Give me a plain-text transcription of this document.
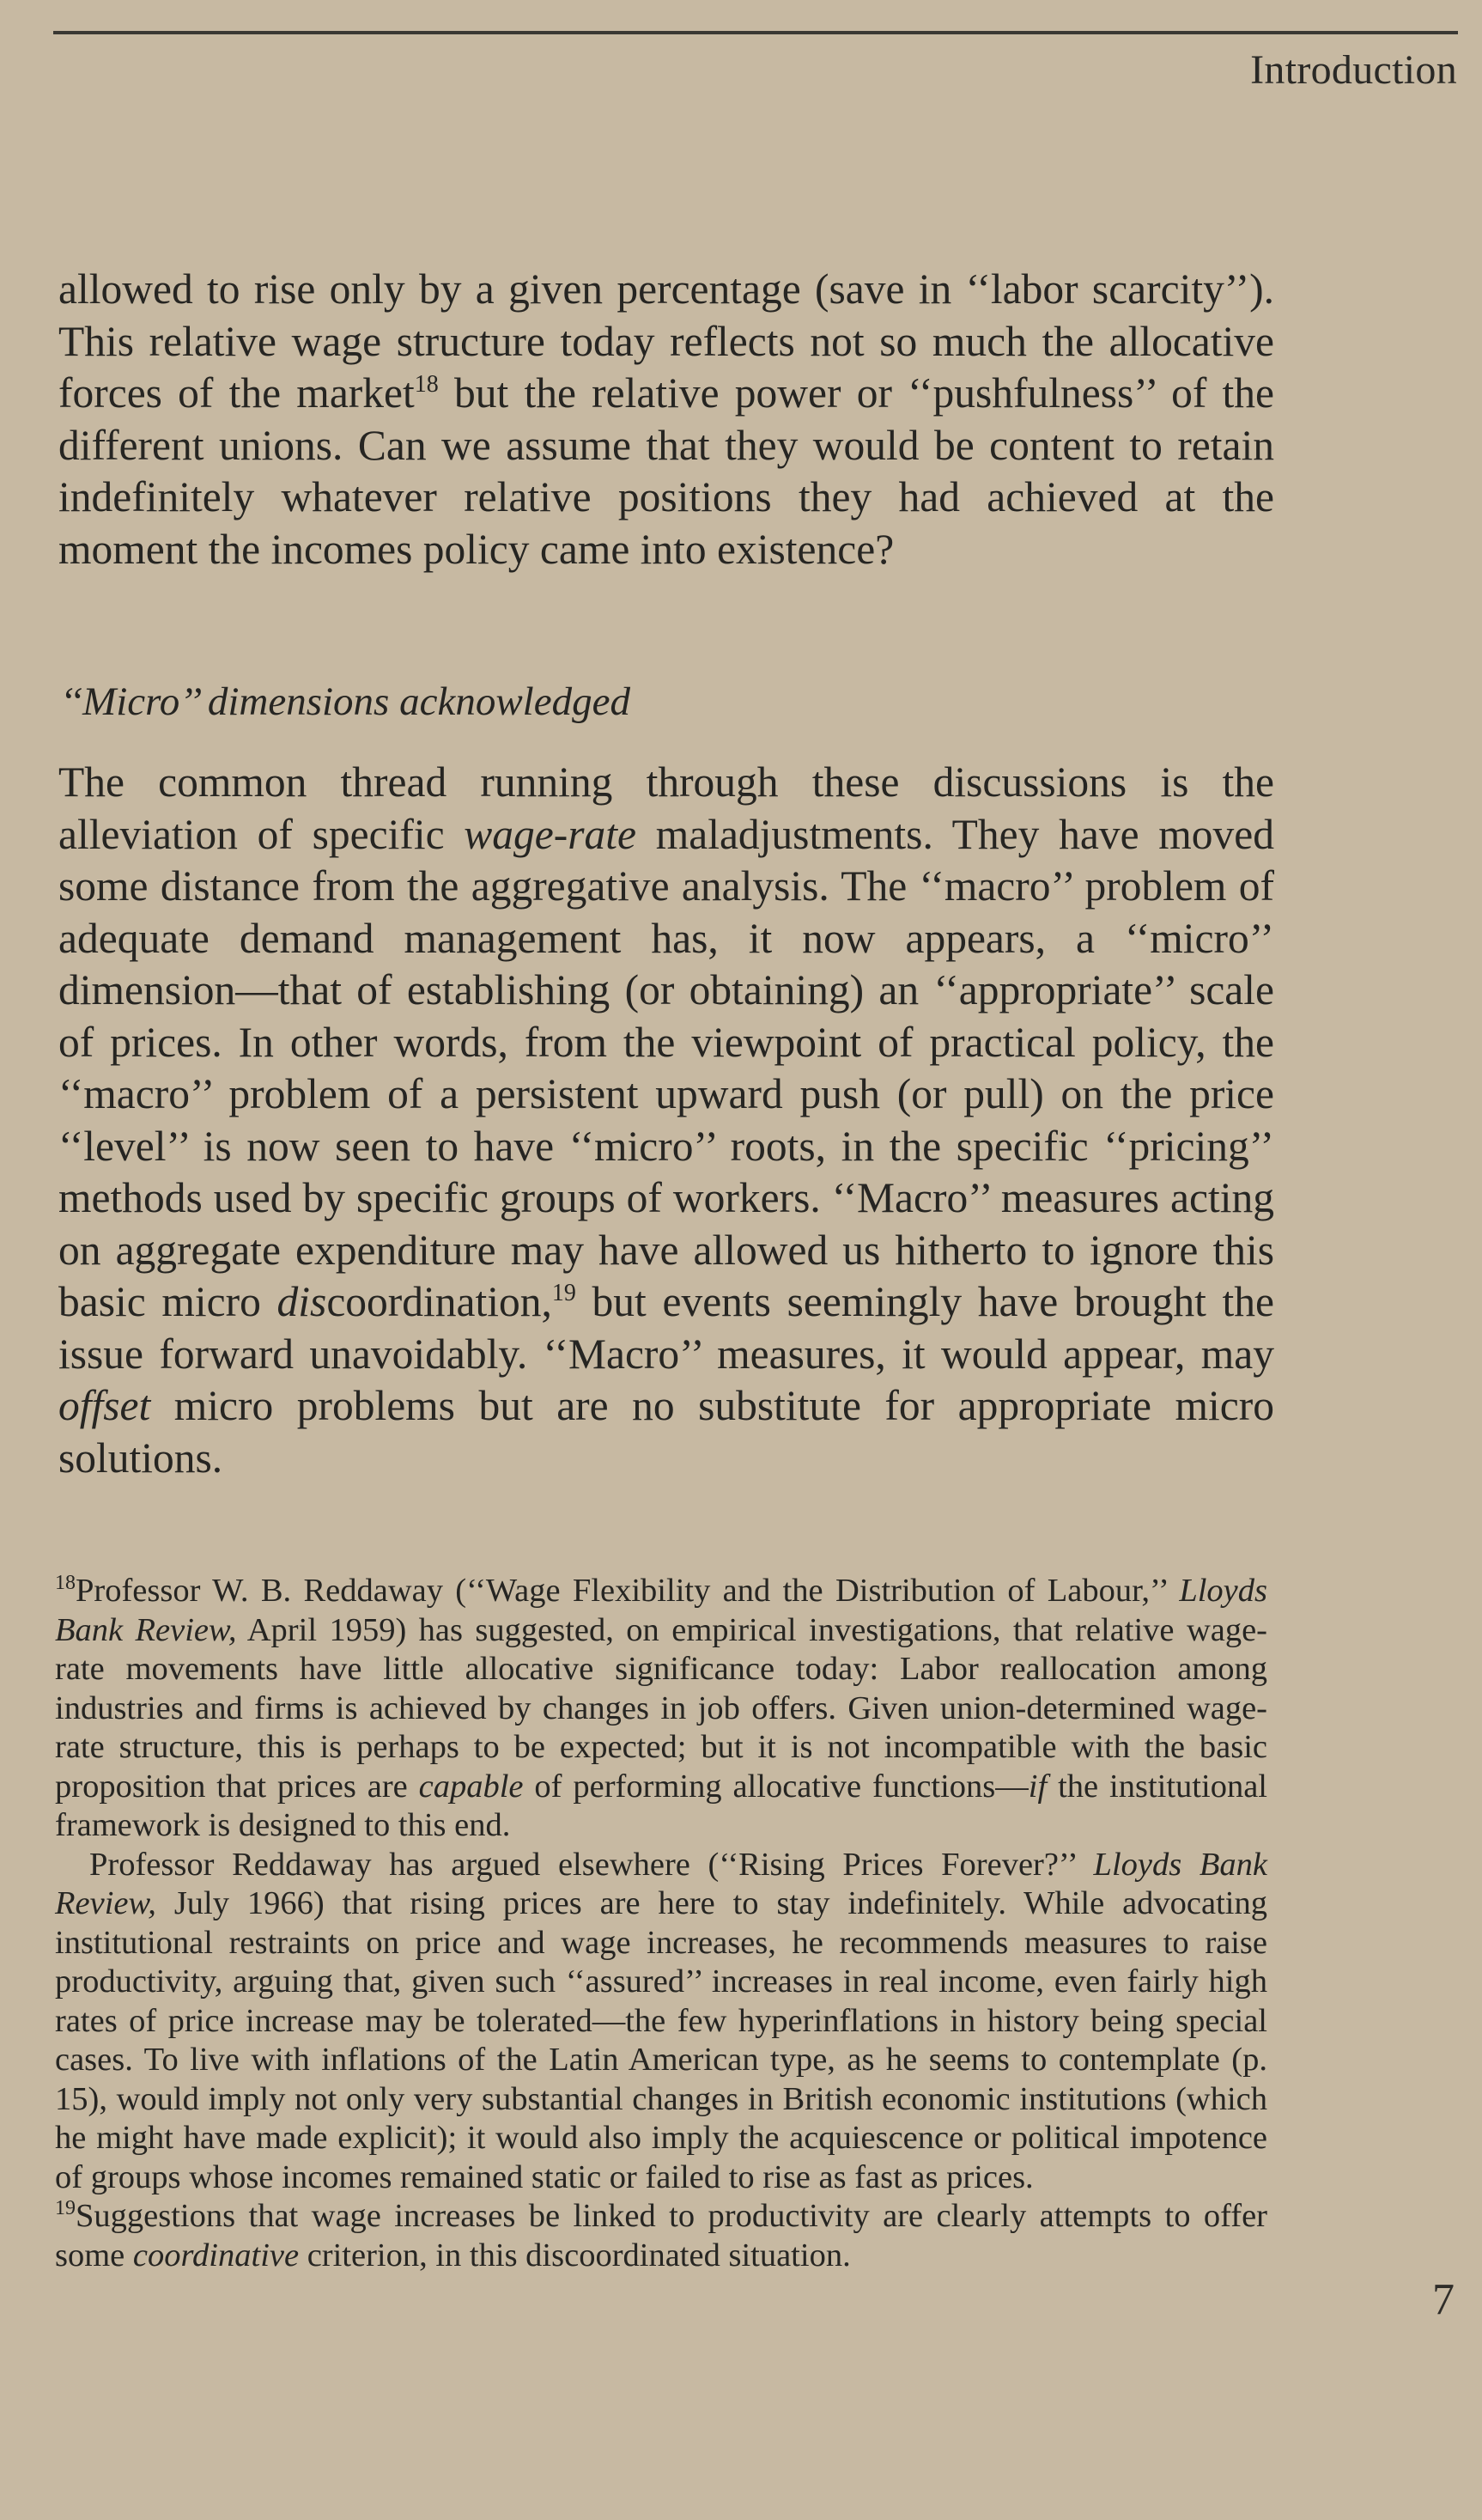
Introduction

allowed to rise only by a given percentage (save in ‘‘labor scarcity’’). This relative wage structure today reflects not so much the allocative forces of the market$^{18}$ but the relative power or ‘‘pushfulness’’ of the different unions. Can we assume that they would be content to retain indefinitely whatever relative positions they had achieved at the moment the incomes policy came into existence?

‘‘Micro’’ dimensions acknowledged

The common thread running through these discussions is the alleviation of specific wage-rate maladjustments. They have moved some distance from the aggregative analysis. The ‘‘macro’’ problem of adequate demand management has, it now appears, a ‘‘micro’’ dimension—that of establishing (or obtaining) an ‘‘appropriate’’ scale of prices. In other words, from the viewpoint of practical policy, the ‘‘macro’’ problem of a persistent upward push (or pull) on the price ‘‘level’’ is now seen to have ‘‘micro’’ roots, in the specific ‘‘pricing’’ methods used by specific groups of workers. ‘‘Macro’’ measures acting on aggregate expenditure may have allowed us hitherto to ignore this basic micro discoordination,$^{19}$ but events seemingly have brought the issue forward unavoidably. ‘‘Macro’’ measures, it would appear, may offset micro problems but are no substitute for appropriate micro solutions.

$^{18}$Professor W. B. Reddaway (‘‘Wage Flexibility and the Distribution of Labour,’’ Lloyds Bank Review, April 1959) has suggested, on empirical investigations, that relative wage-rate movements have little allocative significance today: Labor reallocation among industries and firms is achieved by changes in job offers. Given union-determined wage-rate structure, this is perhaps to be expected; but it is not incompatible with the basic proposition that prices are capable of performing allocative functions—if the institutional framework is designed to this end.

Professor Reddaway has argued elsewhere (‘‘Rising Prices Forever?’’ Lloyds Bank Review, July 1966) that rising prices are here to stay indefinitely. While advocating institutional restraints on price and wage increases, he recommends measures to raise productivity, arguing that, given such ‘‘assured’’ increases in real income, even fairly high rates of price increase may be tolerated—the few hyperinflations in history being special cases. To live with inflations of the Latin American type, as he seems to contemplate (p. 15), would imply not only very substantial changes in British economic institutions (which he might have made explicit); it would also imply the acquiescence or political impotence of groups whose incomes remained static or failed to rise as fast as prices.

$^{19}$Suggestions that wage increases be linked to productivity are clearly attempts to offer some coordinative criterion, in this discoordinated situation.

7
